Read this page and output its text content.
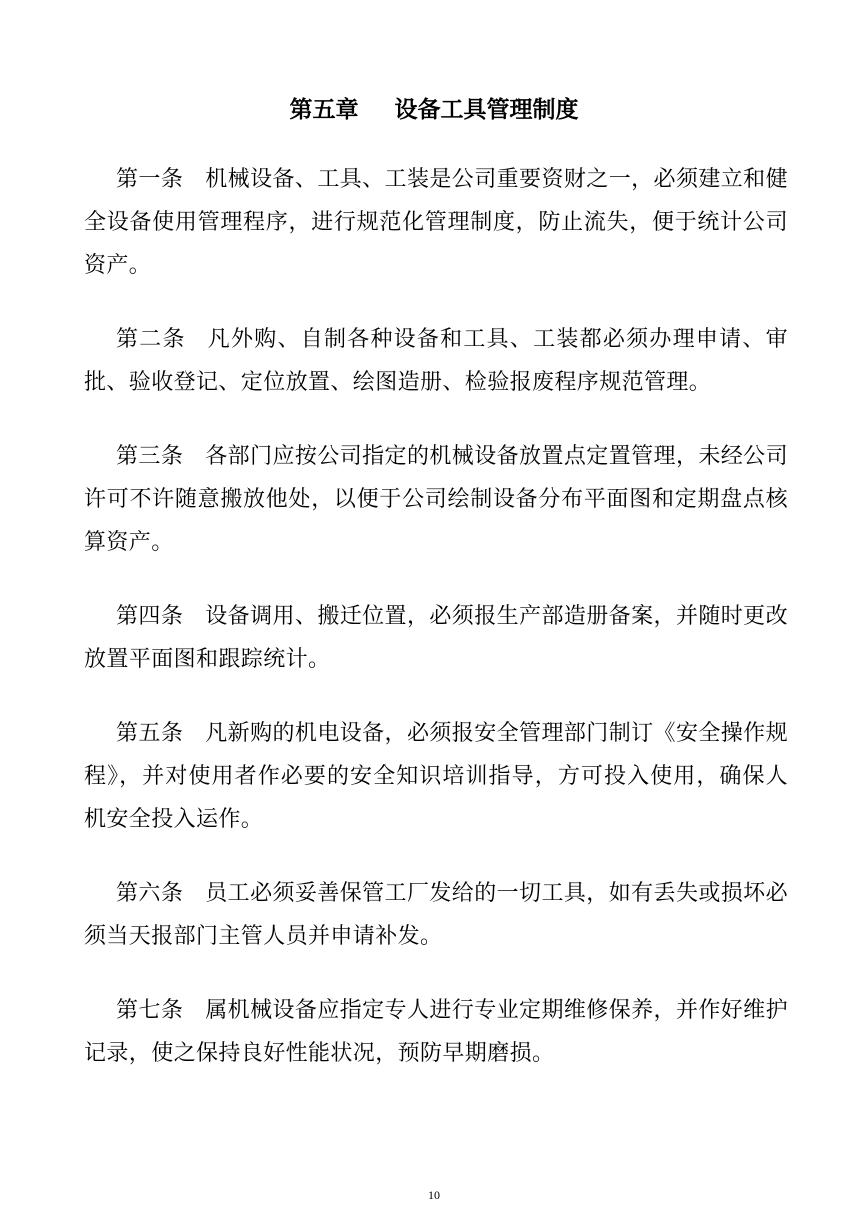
第五章 设备工具管理制度

第一条 机械设备、工具、工装是公司重要资财之一，必须建立和健全设备使用管理程序，进行规范化管理制度，防止流失，便于统计公司资产。

第二条 凡外购、自制各种设备和工具、工装都必须办理申请、审批、验收登记、定位放置、绘图造册、检验报废程序规范管理。

第三条 各部门应按公司指定的机械设备放置点定置管理，未经公司许可不许随意搬放他处，以便于公司绘制设备分布平面图和定期盘点核算资产。

第四条 设备调用、搬迁位置，必须报生产部造册备案，并随时更改放置平面图和跟踪统计。

第五条 凡新购的机电设备，必须报安全管理部门制订《安全操作规程》，并对使用者作必要的安全知识培训指导，方可投入使用，确保人机安全投入运作。

第六条 员工必须妥善保管工厂发给的一切工具，如有丢失或损坏必须当天报部门主管人员并申请补发。

第七条 属机械设备应指定专人进行专业定期维修保养，并作好维护记录，使之保持良好性能状况，预防早期磨损。

10
